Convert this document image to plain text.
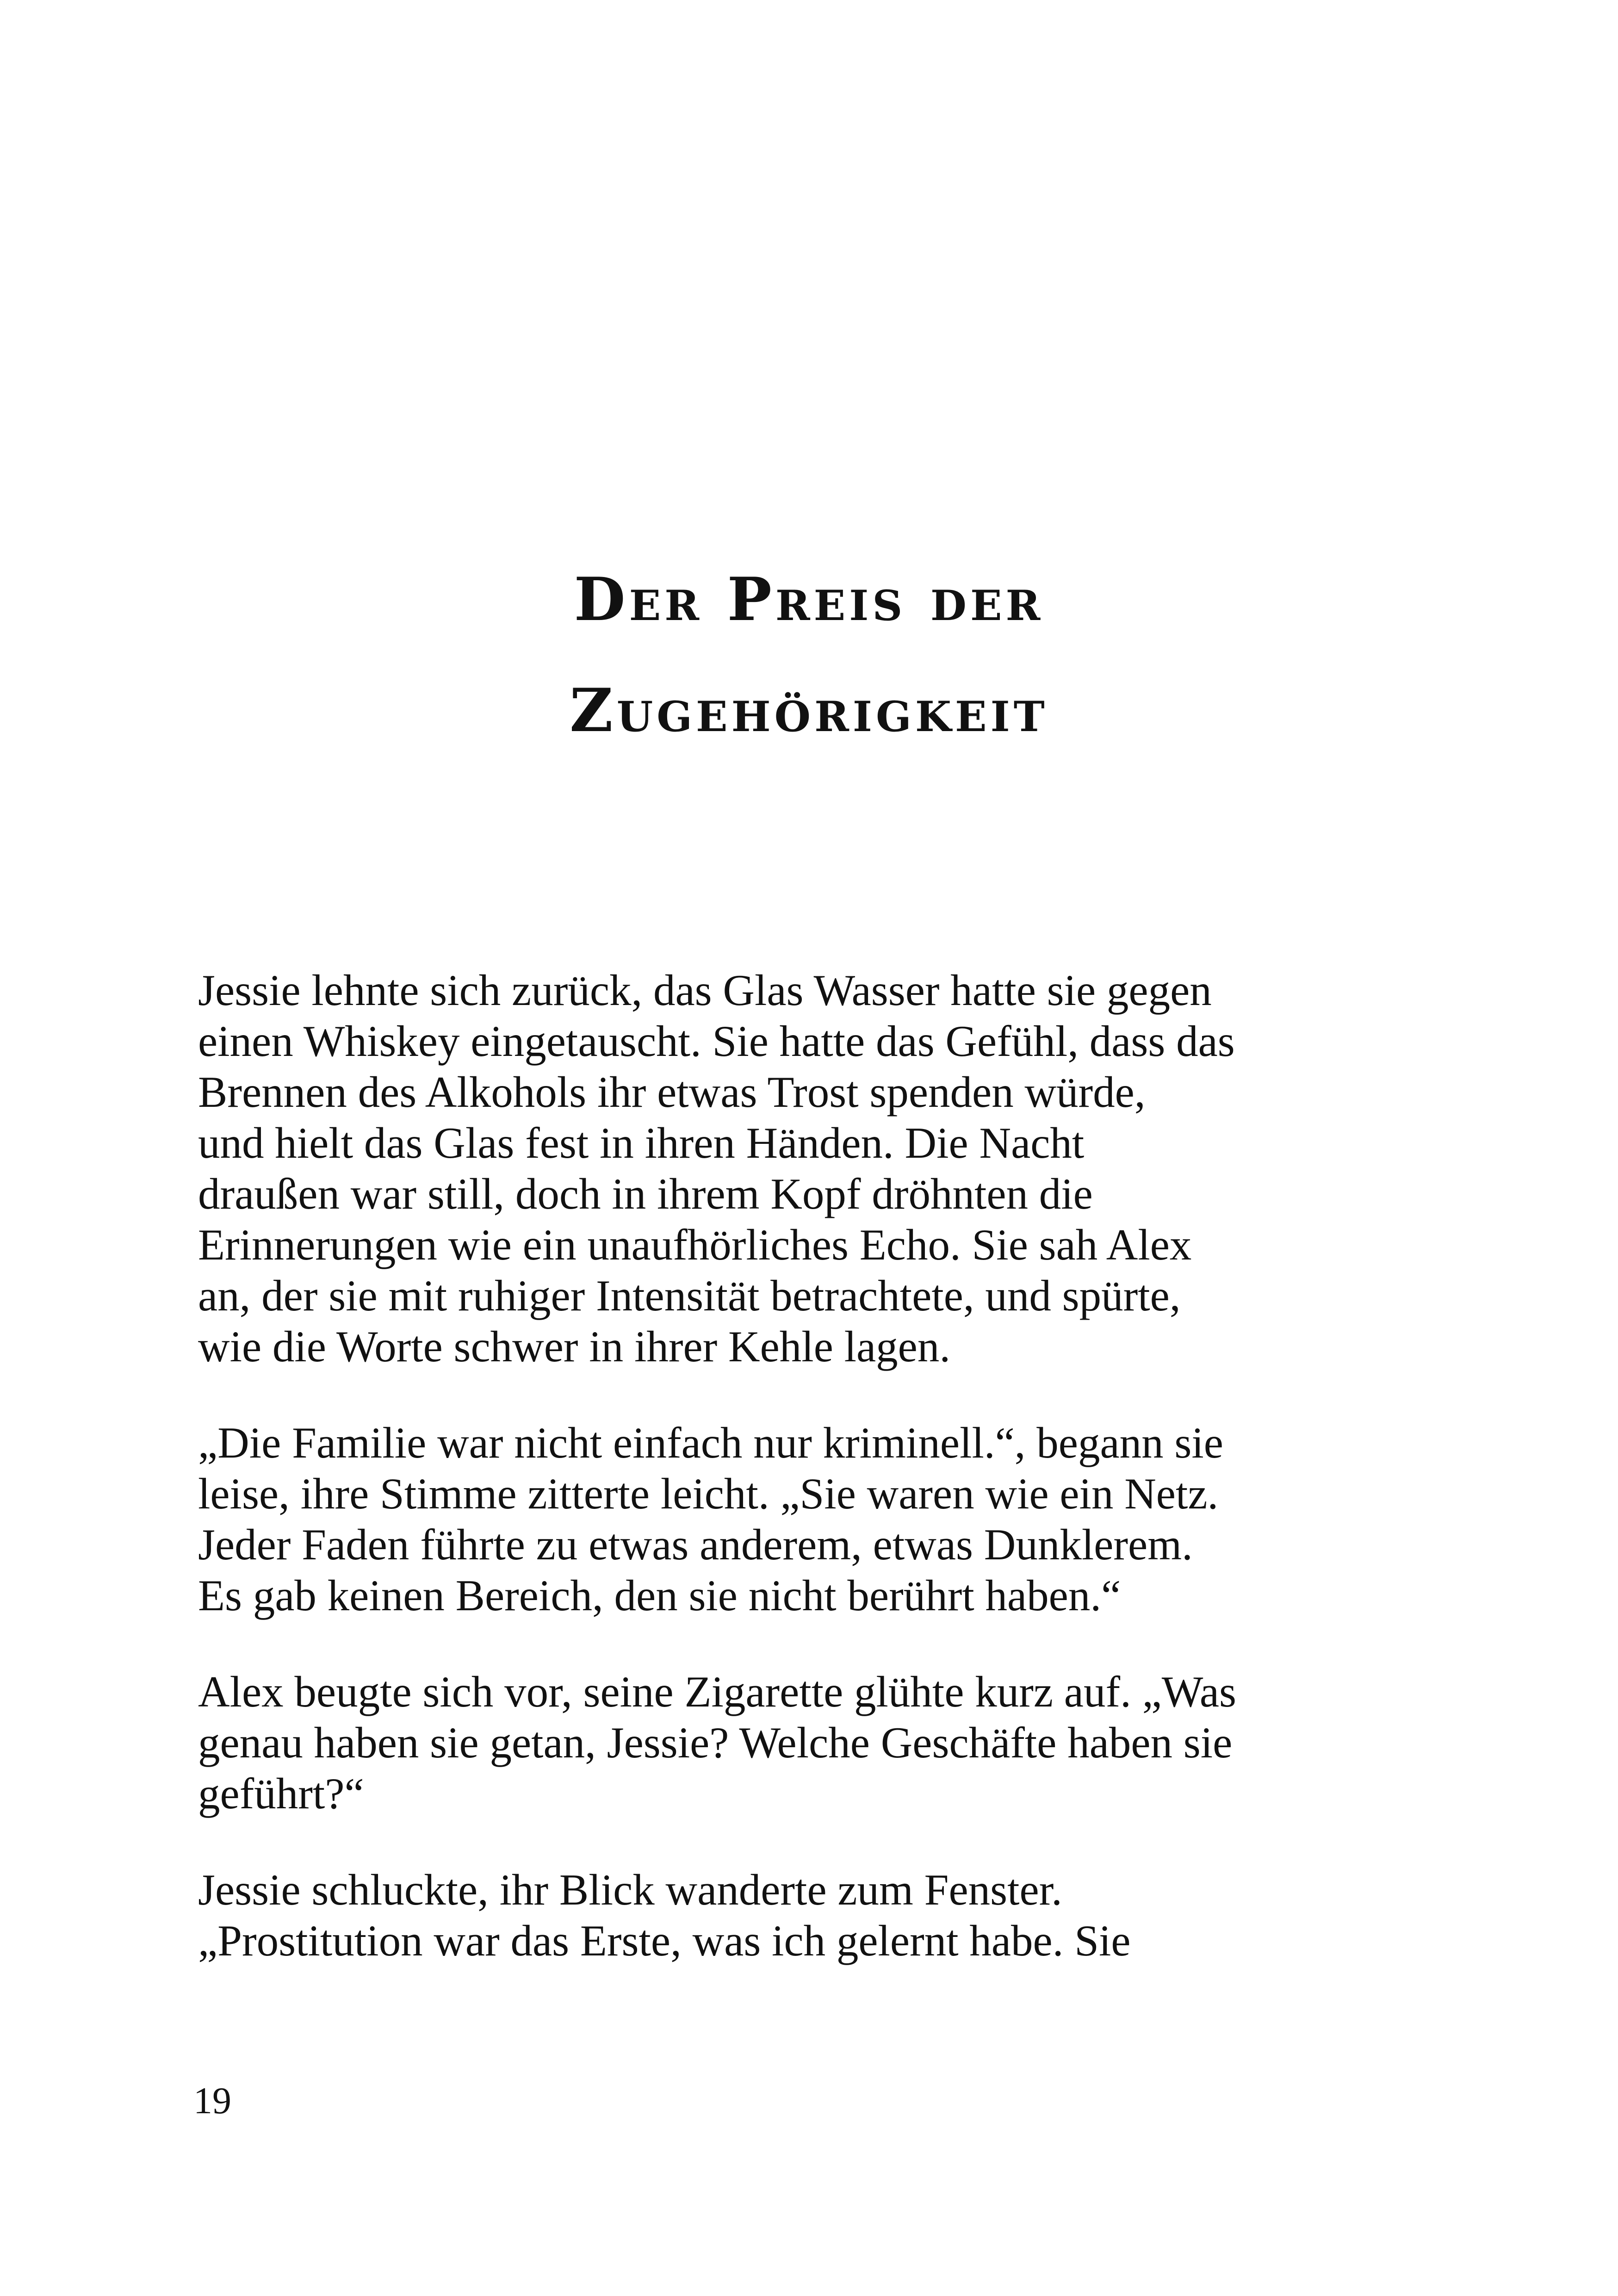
Der Preis der
Zugehörigkeit

Jessie lehnte sich zurück, das Glas Wasser hatte sie gegen
einen Whiskey eingetauscht. Sie hatte das Gefühl, dass das
Brennen des Alkohols ihr etwas Trost spenden würde,
und hielt das Glas fest in ihren Händen. Die Nacht
draußen war still, doch in ihrem Kopf dröhnten die
Erinnerungen wie ein unaufhörliches Echo. Sie sah Alex
an, der sie mit ruhiger Intensität betrachtete, und spürte,
wie die Worte schwer in ihrer Kehle lagen.

„Die Familie war nicht einfach nur kriminell.“, begann sie
leise, ihre Stimme zitterte leicht. „Sie waren wie ein Netz.
Jeder Faden führte zu etwas anderem, etwas Dunklerem.
Es gab keinen Bereich, den sie nicht berührt haben.“

Alex beugte sich vor, seine Zigarette glühte kurz auf. „Was
genau haben sie getan, Jessie? Welche Geschäfte haben sie
geführt?“

Jessie schluckte, ihr Blick wanderte zum Fenster.
„Prostitution war das Erste, was ich gelernt habe. Sie

19
